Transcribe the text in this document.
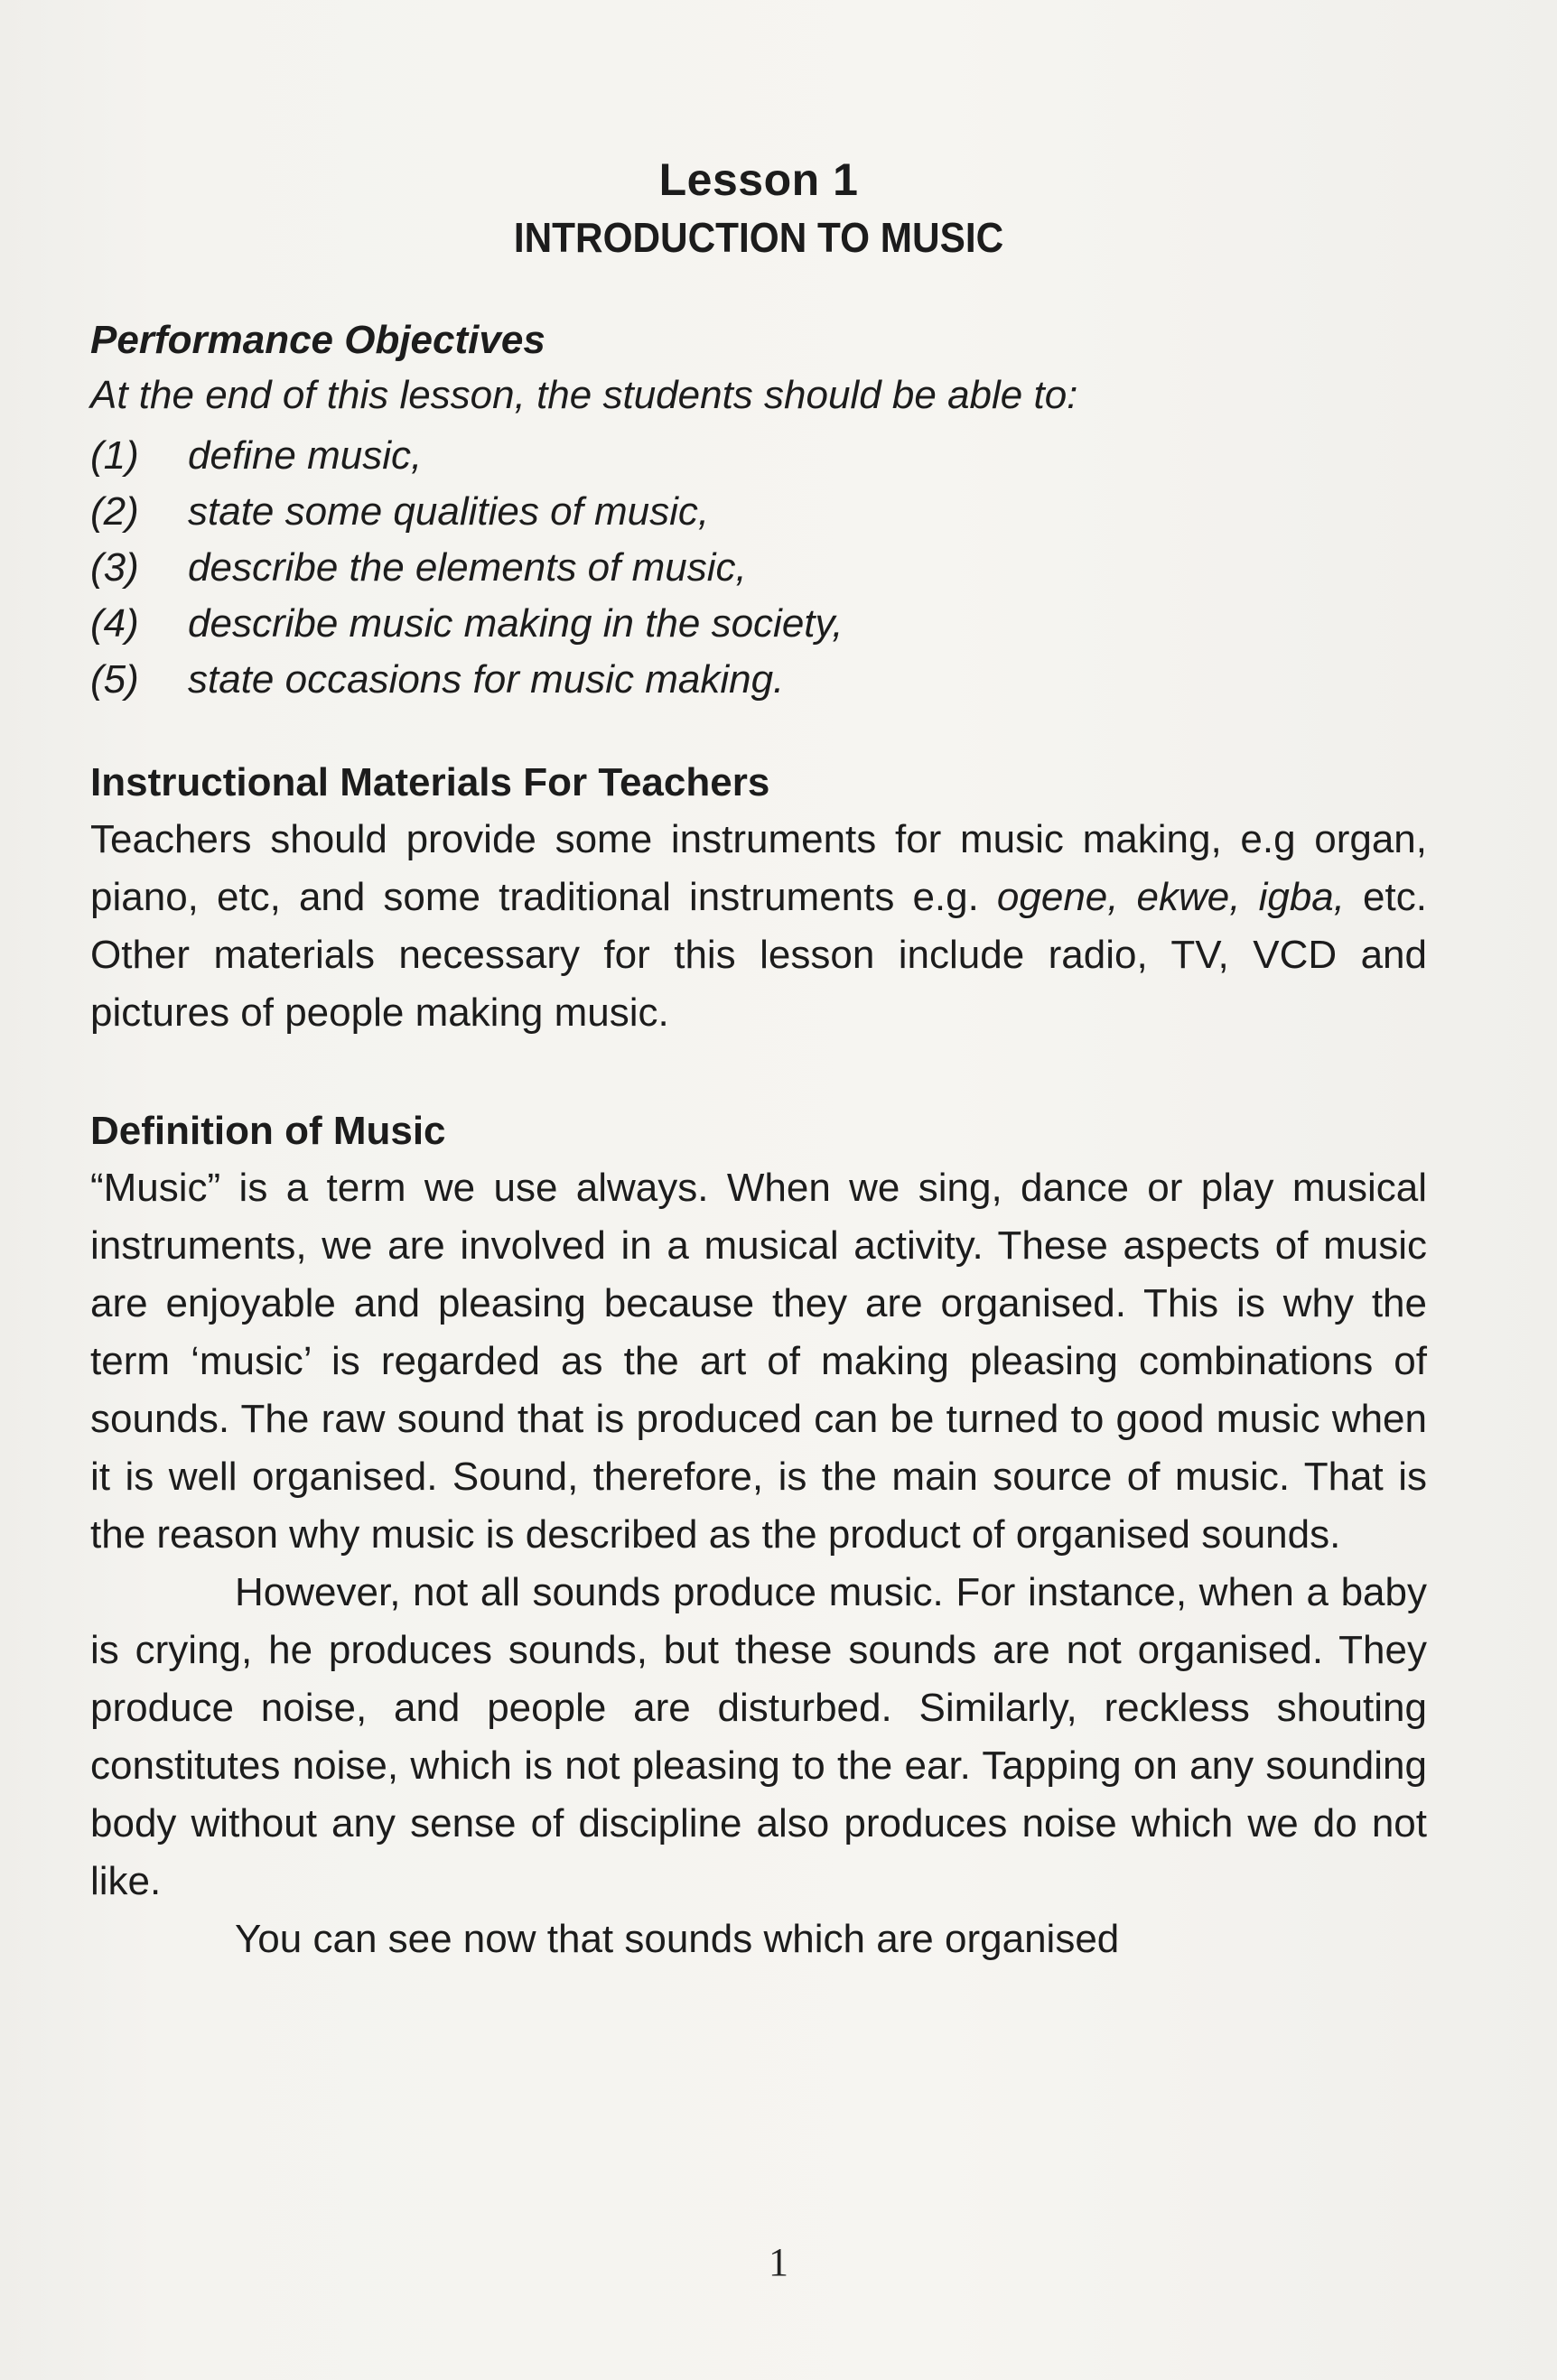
Lesson 1
INTRODUCTION TO MUSIC
Performance Objectives
At the end of this lesson, the students should be able to:
(1)	define music,
(2)	state some qualities of music,
(3)	describe the elements of music,
(4)	describe music making in the society,
(5)	state occasions for music making.
Instructional Materials For Teachers

Teachers should provide some instruments for music making, e.g organ, piano, etc, and some traditional instruments e.g. ogene, ekwe, igba, etc. Other materials necessary for this lesson include radio, TV, VCD and pictures of people making music.

Definition of Music

“Music” is a term we use always. When we sing, dance or play musical instruments, we are involved in a musical activity. These aspects of music are enjoyable and pleasing because they are organised. This is why the term ‘music’ is regarded as the art of making pleasing combinations of sounds. The raw sound that is produced can be turned to good music when it is well organised. Sound, therefore, is the main source of music. That is the reason why music is described as the product of organised sounds.

However, not all sounds produce music. For instance, when a baby is crying, he produces sounds, but these sounds are not organised. They produce noise, and people are disturbed. Similarly, reckless shouting constitutes noise, which is not pleasing to the ear. Tapping on any sounding body without any sense of discipline also produces noise which we do not like.

You can see now that sounds which are organised

1
